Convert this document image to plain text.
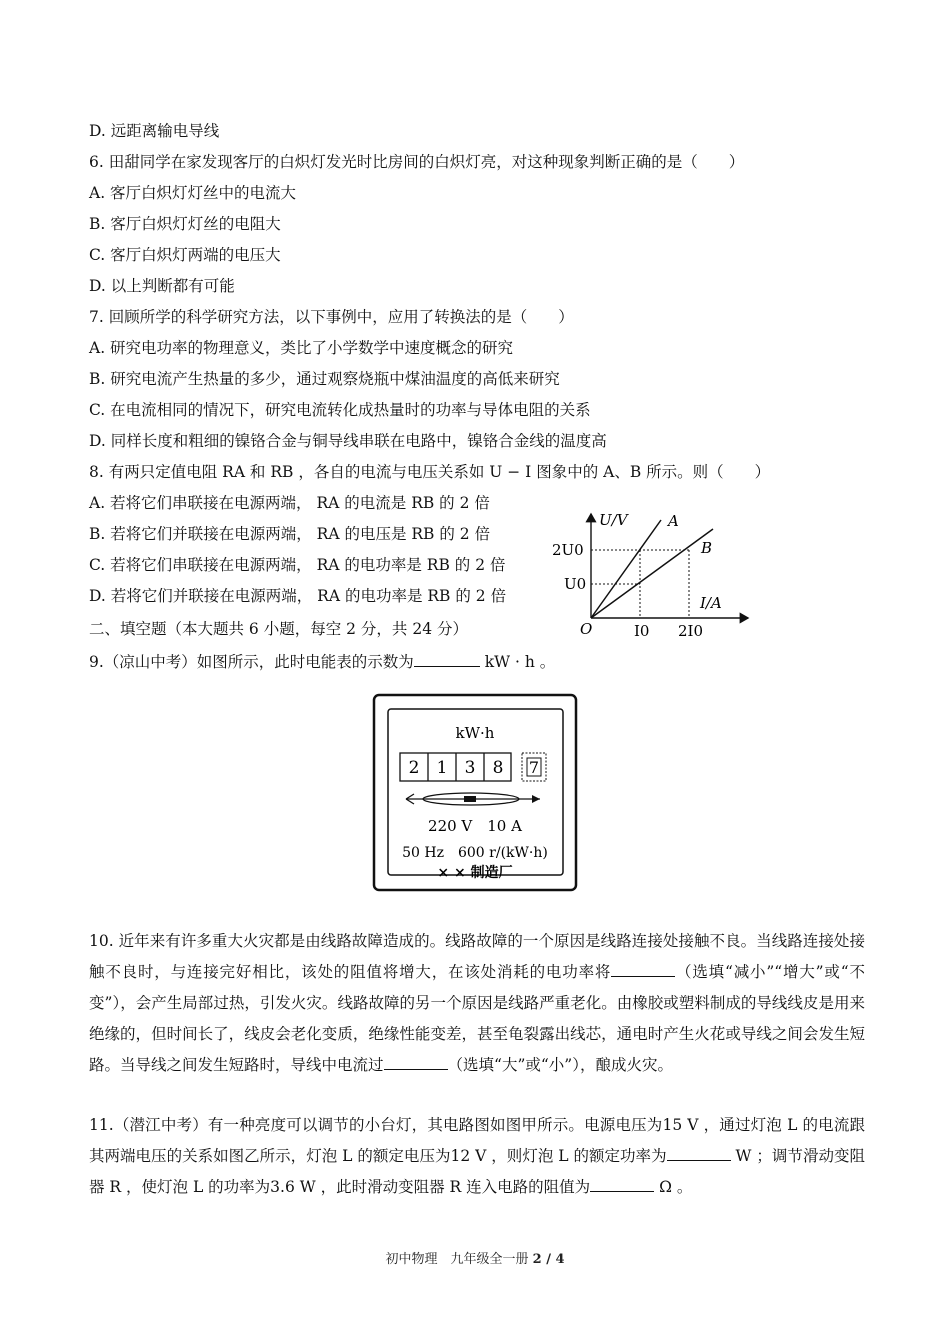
D. 远距离输电导线
6. 田甜同学在家发现客厅的白炽灯发光时比房间的白炽灯亮，对这种现象判断正确的是（　　）
A. 客厅白炽灯灯丝中的电流大
B. 客厅白炽灯灯丝的电阻大
C. 客厅白炽灯两端的电压大
D. 以上判断都有可能
7. 回顾所学的科学研究方法，以下事例中，应用了转换法的是（　　）
A. 研究电功率的物理意义，类比了小学数学中速度概念的研究
B. 研究电流产生热量的多少，通过观察烧瓶中煤油温度的高低来研究
C. 在电流相同的情况下，研究电流转化成热量时的功率与导体电阻的关系
D. 同样长度和粗细的镍铬合金与铜导线串联在电路中，镍铬合金线的温度高
8. 有两只定值电阻 RA 和 RB ，各自的电流与电压关系如 U − I 图象中的 A、B 所示。则（　　）
A. 若将它们串联接在电源两端， RA 的电流是 RB 的 2 倍
B. 若将它们并联接在电源两端， RA 的电压是 RB 的 2 倍
C. 若将它们串联接在电源两端， RA 的电功率是 RB 的 2 倍
D. 若将它们并联接在电源两端， RA 的电功率是 RB 的 2 倍
U/V	A
B
2U0
U0
I/A
O	I0 2I0
二、填空题（本大题共 6 小题，每空 2 分，共 24 分）
9.（凉山中考）如图所示，此时电能表的示数为	kW · h 。
kW·h
2 1 3 8 7
220 V　10 A
50 Hz　600 r/(kW·h)
× × 制造厂
10. 近年来有许多重大火灾都是由线路故障造成的。线路故障的一个原因是线路连接处接触不良。当线路连接处接触不良时，与连接完好相比，该处的阻值将增大，在该处消耗的电功率将	（选填“减小”“增大”或“不变”），会产生局部过热，引发火灾。线路故障的另一个原因是线路严重老化。由橡胶或塑料制成的导线线皮是用来绝缘的，但时间长了，线皮会老化变质，绝缘性能变差，甚至龟裂露出线芯，通电时产生火花或导线之间会发生短路。当导线之间发生短路时，导线中电流过	（选填“大”或“小”），酿成火灾。
11.（潜江中考）有一种亮度可以调节的小台灯，其电路图如图甲所示。电源电压为15 V ，通过灯泡 L 的电流跟其两端电压的关系如图乙所示，灯泡 L 的额定电压为12 V ，则灯泡 L 的额定功率为	W ；调节滑动变阻器 R ，使灯泡 L 的功率为3.6 W ，此时滑动变阻器 R 连入电路的阻值为	Ω 。
初中物理　九年级全一册 2 / 4
